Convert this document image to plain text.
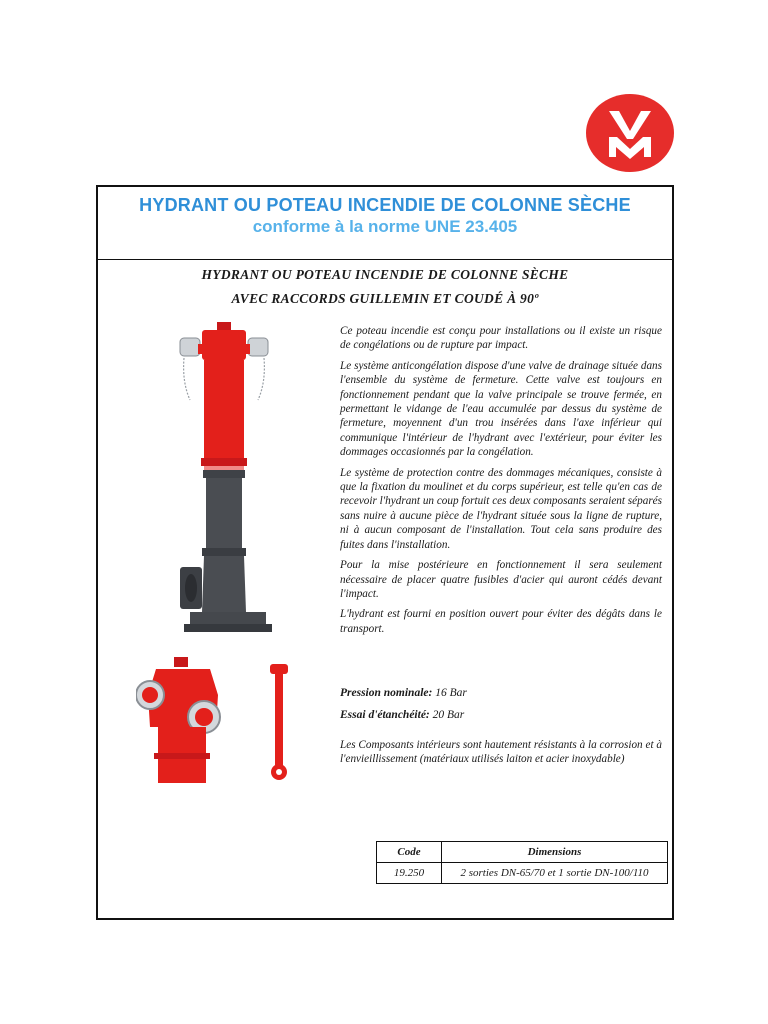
HYDRANT OU POTEAU INCENDIE DE COLONNE SÈCHE
conforme à la norme UNE 23.405
HYDRANT OU POTEAU INCENDIE DE COLONNE SÈCHE
AVEC RACCORDS GUILLEMIN ET COUDÉ À 90º

Ce poteau incendie est conçu pour installations ou il existe un risque de congélations ou de rupture par impact.

Le système anticongélation dispose d'une valve de drainage située dans l'ensemble du système de fermeture. Cette valve est toujours en fonctionnement pendant que la valve principale se trouve fermée, en permettant le vidange de l'eau accumulée par dessus du système de fermeture, moyennent d'un trou insérées dans l'axe inférieur qui communique l'intérieur de l'hydrant avec l'extérieur, pour éviter les dommages occasionnés par la congélation.

Le système de protection contre des dommages mécaniques, consiste à que la fixation du moulinet et du corps supérieur, est telle qu'en cas de recevoir l'hydrant un coup fortuit ces deux composants seraient séparés sans nuire à aucune pièce de l'hydrant située sous la ligne de rupture, ni à aucun composant de l'installation. Tout cela sans produire des fuites dans l'installation.

Pour la mise postérieure en fonctionnement il sera seulement nécessaire de placer quatre fusibles d'acier qui auront cédés devant l'impact.

L'hydrant est fourni en position ouvert pour éviter des dégâts dans le transport.

Pression nominale: 16 Bar
Essai d'étanchéité: 20 Bar
Les Composants intérieurs sont hautement résistants à la corrosion et à l'envieillissement (matériaux utilisés laiton et acier inoxydable)
Code	Dimensions
19.250	2 sorties DN-65/70 et 1 sortie DN-100/110
